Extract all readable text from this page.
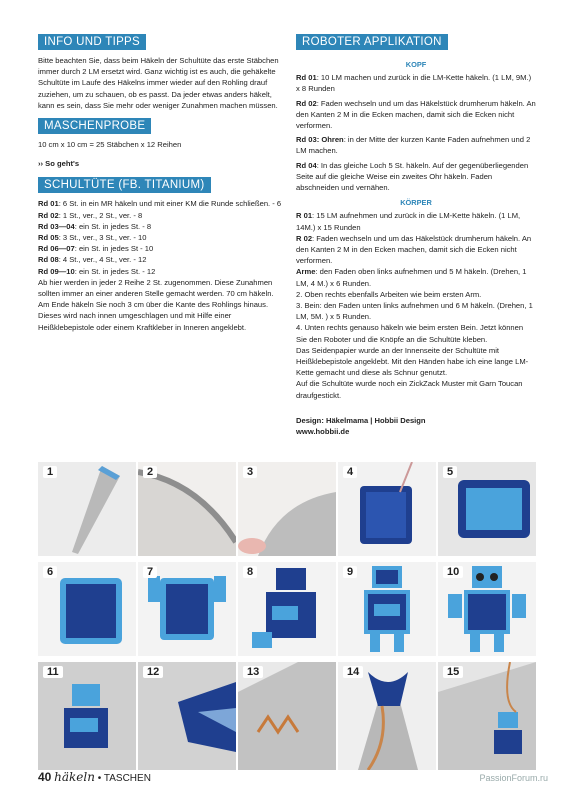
INFO UND TIPPS

Bitte beachten Sie, dass beim Häkeln der Schultüte das erste Stäbchen immer durch 2 LM ersetzt wird. Ganz wichtig ist es auch, die gehäkelte Schultüte im Laufe des Häkelns immer wieder auf den Rohling drauf zuziehen, um zu schauen, ob es passt. Da jeder etwas anders häkelt, kann es sein, dass Sie mehr oder weniger Zunahmen machen müssen.

MASCHENPROBE

10 cm x 10 cm = 25 Stäbchen x 12 Reihen

›› So geht's

SCHULTÜTE (FB. TITANIUM)

Rd 01: 6 St. in ein MR häkeln und mit einer KM die Runde schließen. - 6

Rd 02: 1 St., ver., 2 St., ver. - 8

Rd 03—04: ein St. in jedes St. - 8

Rd 05: 3 St., ver., 3 St., ver. - 10

Rd 06—07: ein St. in jedes St - 10

Rd 08: 4 St., ver., 4 St., ver. - 12

Rd 09—10: ein St. in jedes St. - 12

Ab hier werden in jeder 2 Reihe 2 St. zugenommen. Diese Zunahmen sollten immer an einer anderen Stelle gemacht werden. 70 cm häkeln. Am Ende häkeln Sie noch 3 cm über die Kante des Rohlings hinaus. Dieses wird nach innen umgeschlagen und mit Hilfe einer Heißklebepistole oder einem Kraftkleber in Inneren angeklebt.

ROBOTER APPLIKATION
KOPF

Rd 01: 10 LM machen und zurück in die LM-Kette häkeln. (1 LM, 9M.) x 8 Runden

Rd 02: Faden wechseln und um das Häkelstück drumherum häkeln. An den Kanten 2 M in die Ecken machen, damit sich die Ecken nicht verformen.

Rd 03: Ohren: in der Mitte der kurzen Kante Faden aufnehmen und 2 LM machen.

Rd 04: In das gleiche Loch 5 St. häkeln. Auf der gegenüberliegenden Seite auf die gleiche Weise ein zweites Ohr häkeln. Faden abschneiden und vernähen.

KÖRPER

R 01: 15 LM aufnehmen und zurück in die LM-Kette häkeln. (1 LM, 14M.) x 15 Runden

R 02: Faden wechseln und um das Häkelstück drumherum häkeln. An den Kanten 2 M in den Ecken machen, damit sich die Ecken nicht verformen.

Arme: den Faden oben links aufnehmen und 5 M häkeln. (Drehen, 1 LM, 4 M.) x 6 Runden.

2. Oben rechts ebenfalls Arbeiten wie beim ersten Arm.

3. Bein: den Faden unten links aufnehmen und 6 M häkeln. (Drehen, 1 LM, 5M. ) x 5 Runden.

4. Unten rechts genauso häkeln wie beim ersten Bein. Jetzt können Sie den Roboter und die Knöpfe an die Schultüte kleben.

Das Seidenpapier wurde an der Innenseite der Schultüte mit Heißklebepistole angeklebt. Mit den Händen habe ich eine lange LM-Kette gemacht und diese als Schnur genutzt.

Auf die Schultüte wurde noch ein ZickZack Muster mit Garn Toucan draufgestickt.

Design: Häkelmama | Hobbii Design

www.hobbii.de

1	2	3	4	5
6	7	8	9	10
11	12	13	14	15
40 häkeln • TASCHEN	PassionForum.ru
